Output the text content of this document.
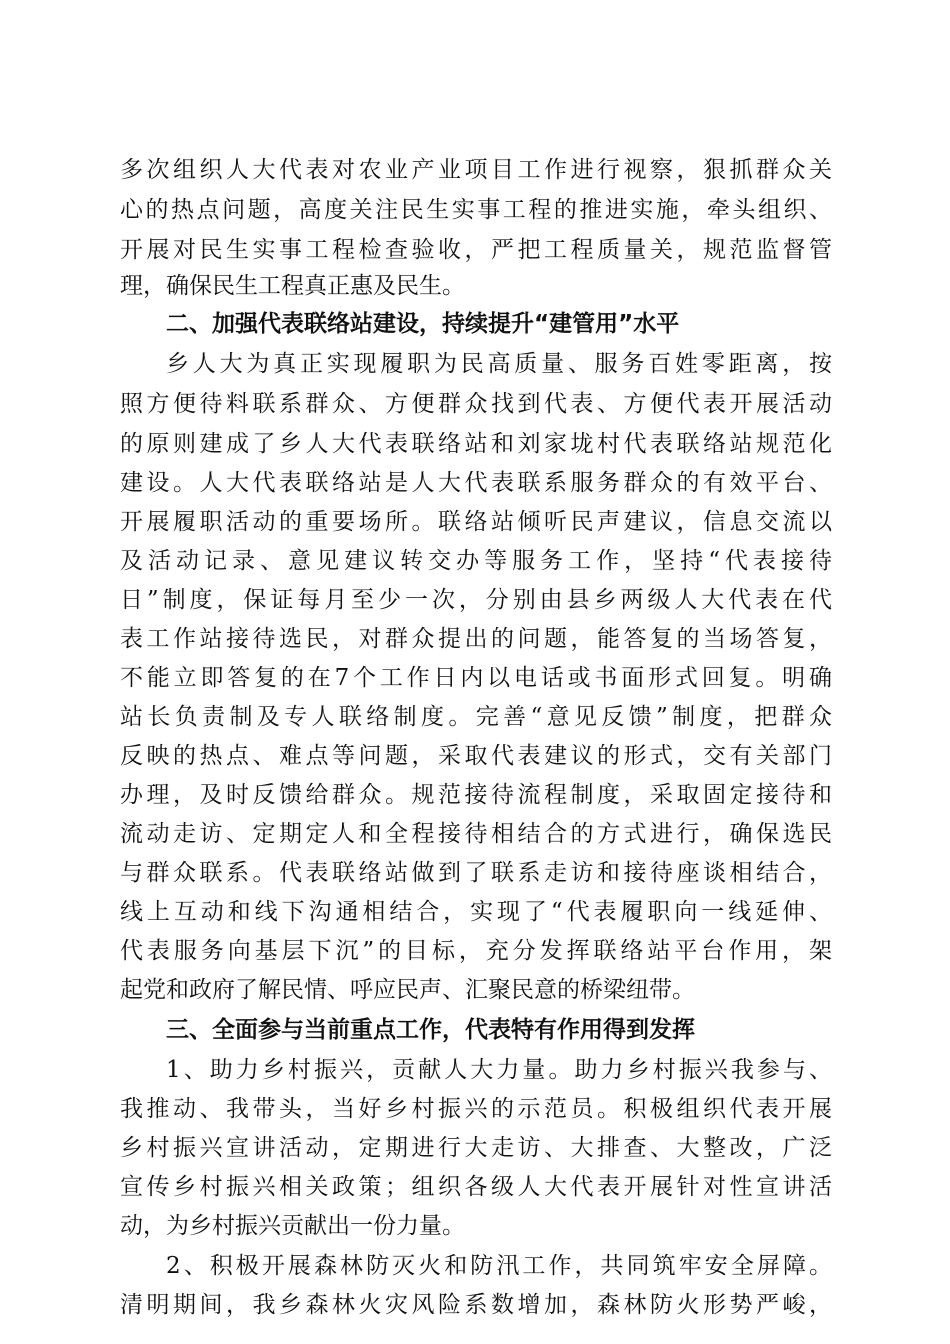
多次组织人大代表对农业产业项目工作进行视察，狠抓群众关
心的热点问题，高度关注民生实事工程的推进实施，牵头组织、
开展对民生实事工程检查验收，严把工程质量关，规范监督管
理，确保民生工程真正惠及民生。
二、加强代表联络站建设，持续提升“建管用”水平
乡人大为真正实现履职为民高质量、服务百姓零距离，按
照方便待料联系群众、方便群众找到代表、方便代表开展活动
的原则建成了乡人大代表联络站和刘家垅村代表联络站规范化
建设。人大代表联络站是人大代表联系服务群众的有效平台、
开展履职活动的重要场所。联络站倾听民声建议，信息交流以
及活动记录、意见建议转交办等服务工作，坚持“代表接待
日”制度，保证每月至少一次，分别由县乡两级人大代表在代
表工作站接待选民，对群众提出的问题，能答复的当场答复，
不能立即答复的在7个工作日内以电话或书面形式回复。明确
站长负责制及专人联络制度。完善“意见反馈”制度，把群众
反映的热点、难点等问题，采取代表建议的形式，交有关部门
办理，及时反馈给群众。规范接待流程制度，采取固定接待和
流动走访、定期定人和全程接待相结合的方式进行，确保选民
与群众联系。代表联络站做到了联系走访和接待座谈相结合，
线上互动和线下沟通相结合，实现了“代表履职向一线延伸、
代表服务向基层下沉”的目标，充分发挥联络站平台作用，架
起党和政府了解民情、呼应民声、汇聚民意的桥梁纽带。
三、全面参与当前重点工作，代表特有作用得到发挥
1、助力乡村振兴，贡献人大力量。助力乡村振兴我参与、
我推动、我带头，当好乡村振兴的示范员。积极组织代表开展
乡村振兴宣讲活动，定期进行大走访、大排查、大整改，广泛
宣传乡村振兴相关政策；组织各级人大代表开展针对性宣讲活
动，为乡村振兴贡献出一份力量。
2、积极开展森林防灭火和防汛工作，共同筑牢安全屏障。
清明期间，我乡森林火灾风险系数增加，森林防火形势严峻，
